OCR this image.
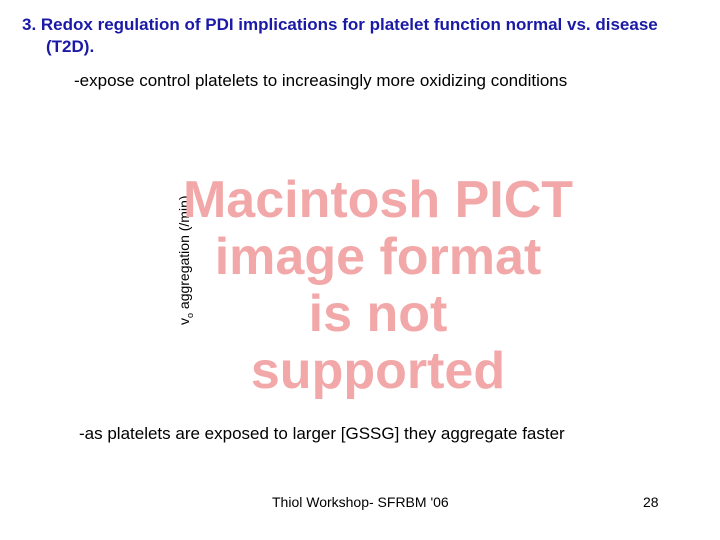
3. Redox regulation of PDI implications for platelet function normal vs. disease
(T2D).
-expose control platelets to increasingly more oxidizing conditions
$v_o$ aggregation (/min)
Macintosh PICT
image format
is not supported
-as platelets are exposed to larger [GSSG] they aggregate faster
Thiol Workshop- SFRBM '06	28
